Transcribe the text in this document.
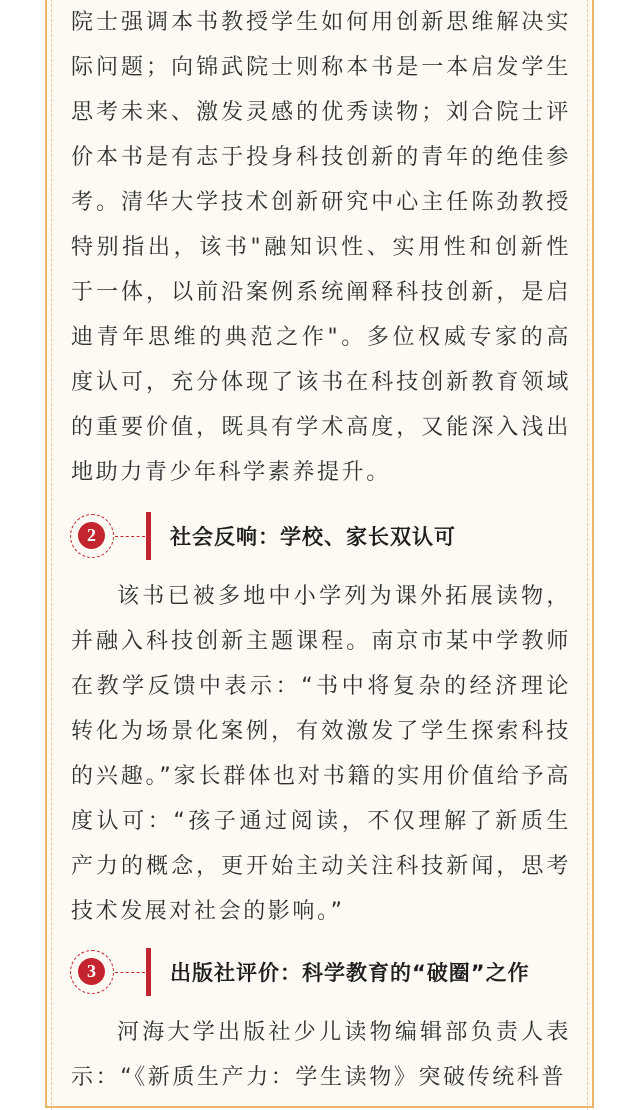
院士强调本书教授学生如何用创新思维解决实际问题；向锦武院士则称本书是一本启发学生思考未来、激发灵感的优秀读物；刘合院士评价本书是有志于投身科技创新的青年的绝佳参考。清华大学技术创新研究中心主任陈劲教授特别指出，该书"融知识性、实用性和创新性于一体，以前沿案例系统阐释科技创新，是启迪青年思维的典范之作"。多位权威专家的高度认可，充分体现了该书在科技创新教育领域的重要价值，既具有学术高度，又能深入浅出地助力青少年科学素养提升。

2	社会反响：学校、家长双认可

该书已被多地中小学列为课外拓展读物，并融入科技创新主题课程。南京市某中学教师在教学反馈中表示：“书中将复杂的经济理论转化为场景化案例，有效激发了学生探索科技的兴趣。”家长群体也对书籍的实用价值给予高度认可：“孩子通过阅读，不仅理解了新质生产力的概念，更开始主动关注科技新闻，思考技术发展对社会的影响。”

3	出版社评价：科学教育的“破圈”之作

河海大学出版社少儿读物编辑部负责人表示：“《新质生产力：学生读物》突破传统科普
